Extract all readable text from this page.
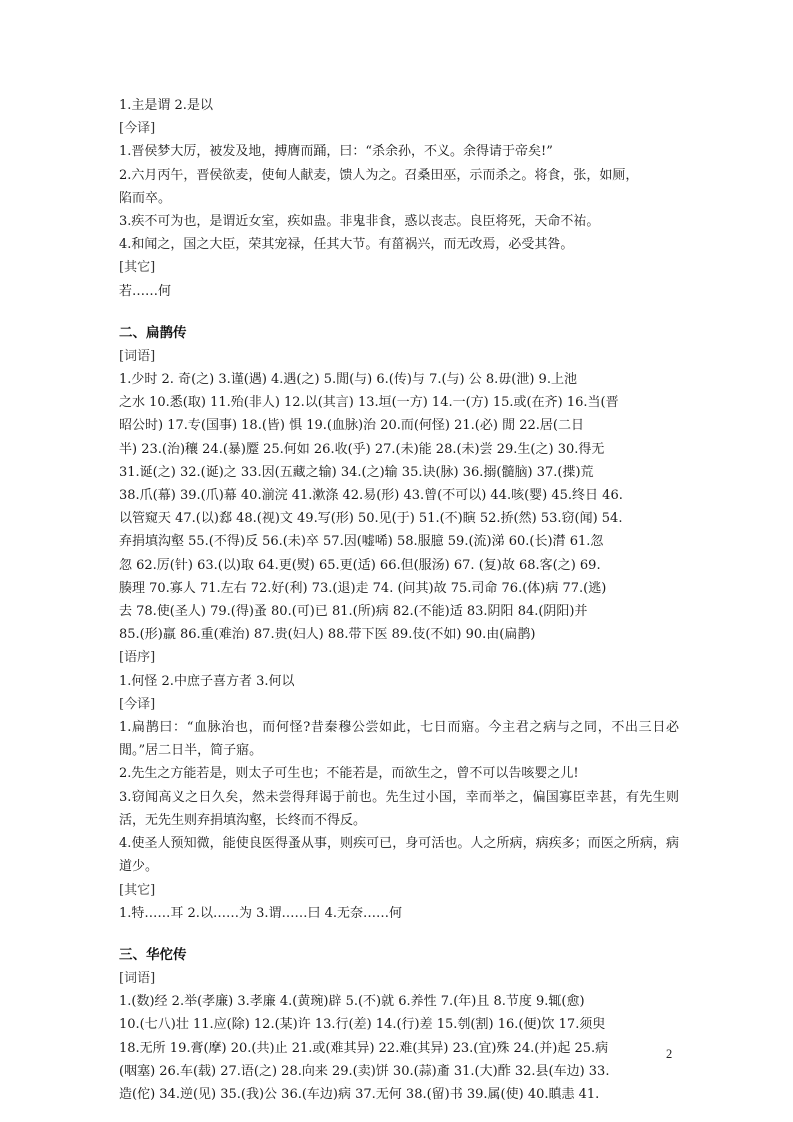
1.主是谓 2.是以
[今译]
1.晋侯梦大厉，被发及地，搏膺而踊，曰：“杀余孙，不义。余得请于帝矣!”
2.六月丙午，晋侯欲麦，使甸人献麦，馈人为之。召桑田巫，示而杀之。将食，张，如厕，
陷而卒。
3.疾不可为也，是谓近女室，疾如蛊。非鬼非食，惑以丧志。良臣将死，天命不祐。
4.和闻之，国之大臣，荣其宠禄，任其大节。有菑祸兴，而无改焉，必受其咎。
[其它]
若……何
二、扁鹊传
[词语]
1.少时 2. 奇(之) 3.谨(遇) 4.遇(之) 5.閒(与) 6.(传)与 7.(与) 公 8.毋(泄) 9.上池
之水 10.悉(取) 11.殆(非人) 12.以(其言) 13.垣(一方) 14.一(方) 15.或(在齐) 16.当(晋
昭公时) 17.专(国事) 18.(皆) 惧 19.(血脉)治 20.而(何怪) 21.(必) 閒 22.居(二日
半) 23.(治)穰 24.(暴)蹷 25.何如 26.收(乎) 27.(未)能 28.(未)尝 29.生(之) 30.得无
31.诞(之) 32.(诞)之 33.因(五藏之输) 34.(之)输 35.诀(脉) 36.搦(髓脑) 37.(揲)荒
38.爪(幕) 39.(爪)幕 40.湔浣 41.漱涤 42.易(形) 43.曾(不可以) 44.咳(婴) 45.终日 46.
以管窥天 47.(以)郄 48.(视)文 49.写(形) 50.见(于) 51.(不)瞚 52.挢(然) 53.窃(闻) 54.
弃捐填沟壑 55.(不得)反 56.(未)卒 57.因(嘘唏) 58.服臆 59.(流)涕 60.(长)潸 61.忽
忽 62.厉(针) 63.(以)取 64.更(熨) 65.更(适) 66.但(服汤) 67. (复)故 68.客(之) 69.
腠理 70.寡人 71.左右 72.好(利) 73.(退)走 74. (问其)故 75.司命 76.(体)病 77.(逃)
去 78.使(圣人) 79.(得)蚤 80.(可)已 81.(所)病 82.(不能)适 83.阴阳 84.(阴阳)并
85.(形)羸 86.重(难治) 87.贵(妇人) 88.带下医 89.伎(不如) 90.由(扁鹊)
[语序]
1.何怪 2.中庶子喜方者 3.何以
[今译]
1.扁鹊曰：“血脉治也，而何怪?昔秦穆公尝如此，七日而寤。今主君之病与之同，不出三日必閒。”居二日半，简子寤。
2.先生之方能若是，则太子可生也；不能若是，而欲生之，曾不可以告咳婴之儿!
3.窃闻高义之日久矣，然未尝得拜谒于前也。先生过小国，幸而举之，偏国寡臣幸甚，有先生则活，无先生则弃捐填沟壑，长终而不得反。
4.使圣人预知微，能使良医得蚤从事，则疾可已，身可活也。人之所病，病疾多；而医之所病，病道少。
[其它]
1.特……耳 2.以……为 3.谓……曰 4.无奈……何
三、华佗传
[词语]
1.(数)经 2.举(孝廉) 3.孝廉 4.(黄琬)辟 5.(不)就 6.养性 7.(年)且 8.节度 9.辄(愈)
10.(七八)壮 11.应(除) 12.(某)许 13.行(差) 14.(行)差 15.刳(割) 16.(便)饮 17.须臾
18.无所 19.膏(摩) 20.(共)止 21.或(难其异) 22.难(其异) 23.(宜)殊 24.(并)起 25.病
(咽塞) 26.车(载) 27.语(之) 28.向来 29.(卖)饼 30.(蒜)齑 31.(大)酢 32.县(车边) 33.
造(佗) 34.逆(见) 35.(我)公 36.(车边)病 37.无何 38.(留)书 39.属(使) 40.瞋恚 41.
2
